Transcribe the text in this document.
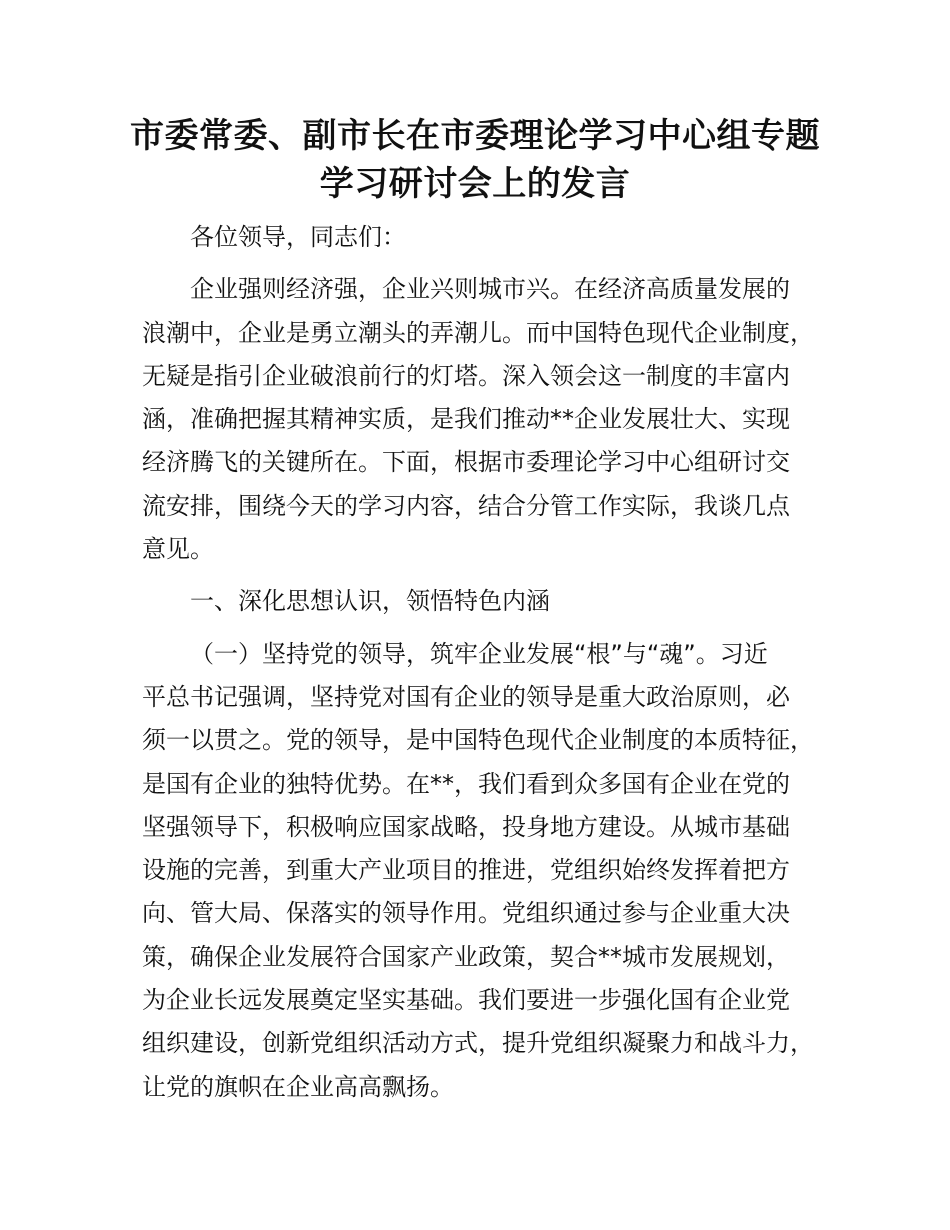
市委常委、副市长在市委理论学习中心组专题
学习研讨会上的发言
各位领导，同志们：
企业强则经济强，企业兴则城市兴。在经济高质量发展的
浪潮中，企业是勇立潮头的弄潮儿。而中国特色现代企业制度，
无疑是指引企业破浪前行的灯塔。深入领会这一制度的丰富内
涵，准确把握其精神实质，是我们推动**企业发展壮大、实现
经济腾飞的关键所在。下面，根据市委理论学习中心组研讨交
流安排，围绕今天的学习内容，结合分管工作实际，我谈几点
意见。
一、深化思想认识，领悟特色内涵
（一）坚持党的领导，筑牢企业发展“根”与“魂”。习近
平总书记强调，坚持党对国有企业的领导是重大政治原则，必
须一以贯之。党的领导，是中国特色现代企业制度的本质特征，
是国有企业的独特优势。在**，我们看到众多国有企业在党的
坚强领导下，积极响应国家战略，投身地方建设。从城市基础
设施的完善，到重大产业项目的推进，党组织始终发挥着把方
向、管大局、保落实的领导作用。党组织通过参与企业重大决
策，确保企业发展符合国家产业政策，契合**城市发展规划，
为企业长远发展奠定坚实基础。我们要进一步强化国有企业党
组织建设，创新党组织活动方式，提升党组织凝聚力和战斗力，
让党的旗帜在企业高高飘扬。
